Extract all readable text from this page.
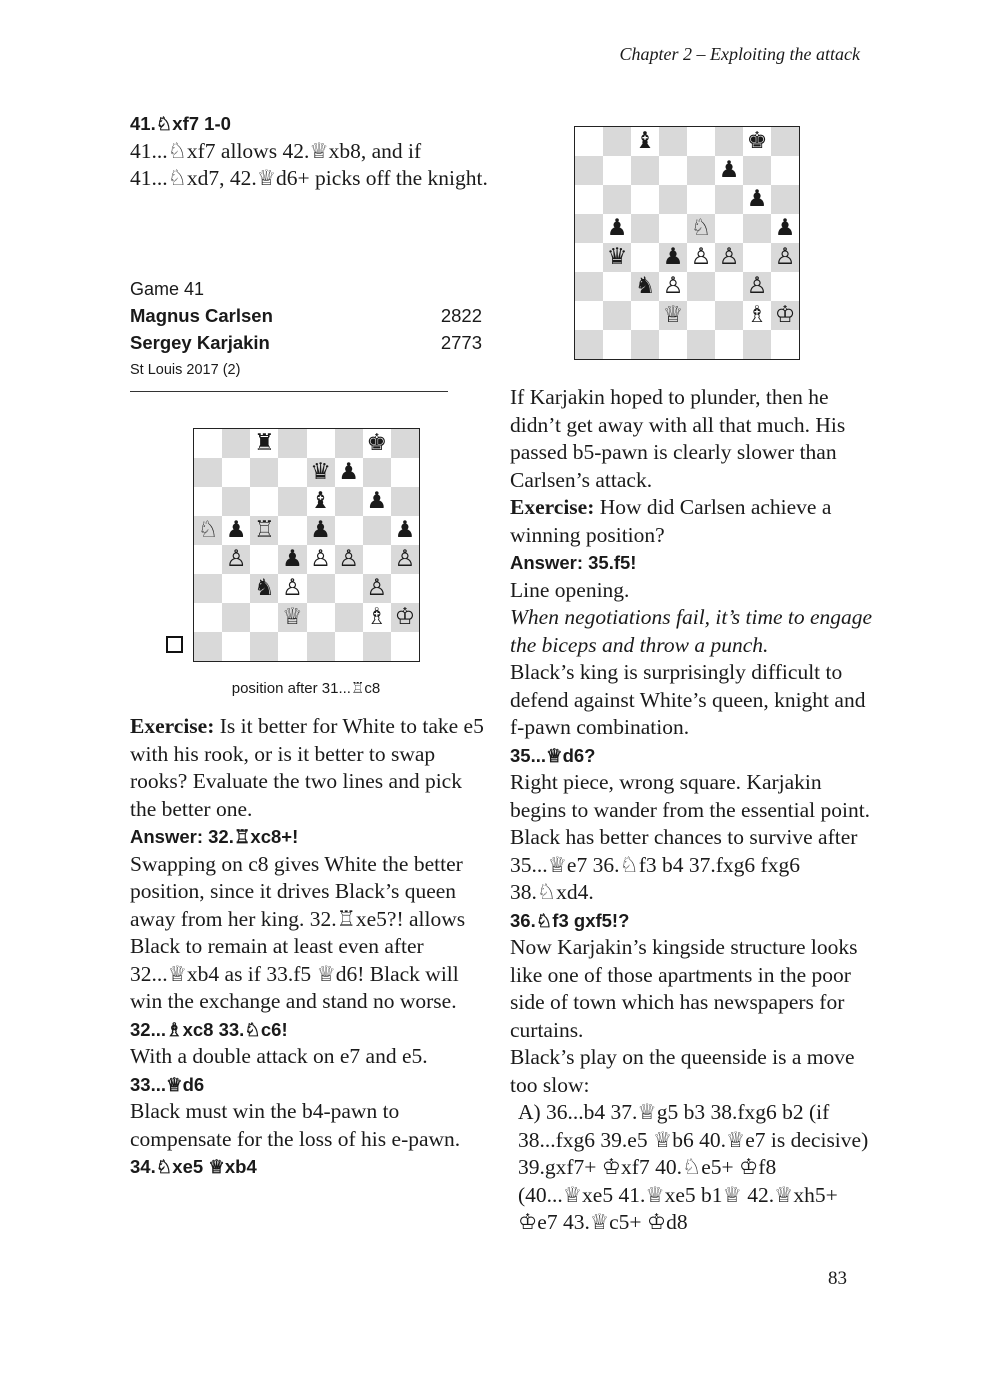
Chapter 2 – Exploiting the attack

41.♘xf7 1-0

41...♘xf7 allows 42.♕xb8, and if 41...♘xd7, 42.♕d6+ picks off the knight.

Game 41
Magnus Carlsen	2822
Sergey Karjakin	2773
St Louis 2017 (2)
♝	♚
♟
♟
♟	♘	♟
♛ ♟ ♙ ♙ ♙
♞ ♙	♙
♕	♗ ♔
♜	♚
♛ ♟
♝ ♟
♘ ♟ ♖ ♟	♟
♙ ♟ ♙ ♙ ♙
♞ ♙	♙
♕	♗ ♔
position after 31...♖c8

Exercise: Is it better for White to take e5 with his rook, or is it better to swap rooks? Evaluate the two lines and pick the better one.

Answer: 32.♖xc8+!

Swapping on c8 gives White the better position, since it drives Black’s queen away from her king. 32.♖xe5?! allows Black to remain at least even after 32...♕xb4 as if 33.f5 ♕d6! Black will win the exchange and stand no worse.

32...♗xc8 33.♘c6!

With a double attack on e7 and e5.

33...♕d6

Black must win the b4-pawn to compensate for the loss of his e-pawn.

34.♘xe5 ♕xb4

If Karjakin hoped to plunder, then he didn’t get away with all that much. His passed b5-pawn is clearly slower than Carlsen’s attack.

Exercise: How did Carlsen achieve a winning position?

Answer: 35.f5!

Line opening.

When negotiations fail, it’s time to engage the biceps and throw a punch.

Black’s king is surprisingly difficult to defend against White’s queen, knight and f-pawn combination.

35...♕d6?

Right piece, wrong square. Karjakin begins to wander from the essential point. Black has better chances to survive after 35...♕e7 36.♘f3 b4 37.fxg6 fxg6 38.♘xd4.

36.♘f3 gxf5!?

Now Karjakin’s kingside structure looks like one of those apartments in the poor side of town which has newspapers for curtains.

Black’s play on the queenside is a move too slow:

A) 36...b4 37.♕g5 b3 38.fxg6 b2 (if 38...fxg6 39.e5 ♕b6 40.♕e7 is decisive) 39.gxf7+ ♔xf7 40.♘e5+ ♔f8 (40...♕xe5 41.♕xe5 b1♕ 42.♕xh5+ ♔e7 43.♕c5+ ♔d8

83
